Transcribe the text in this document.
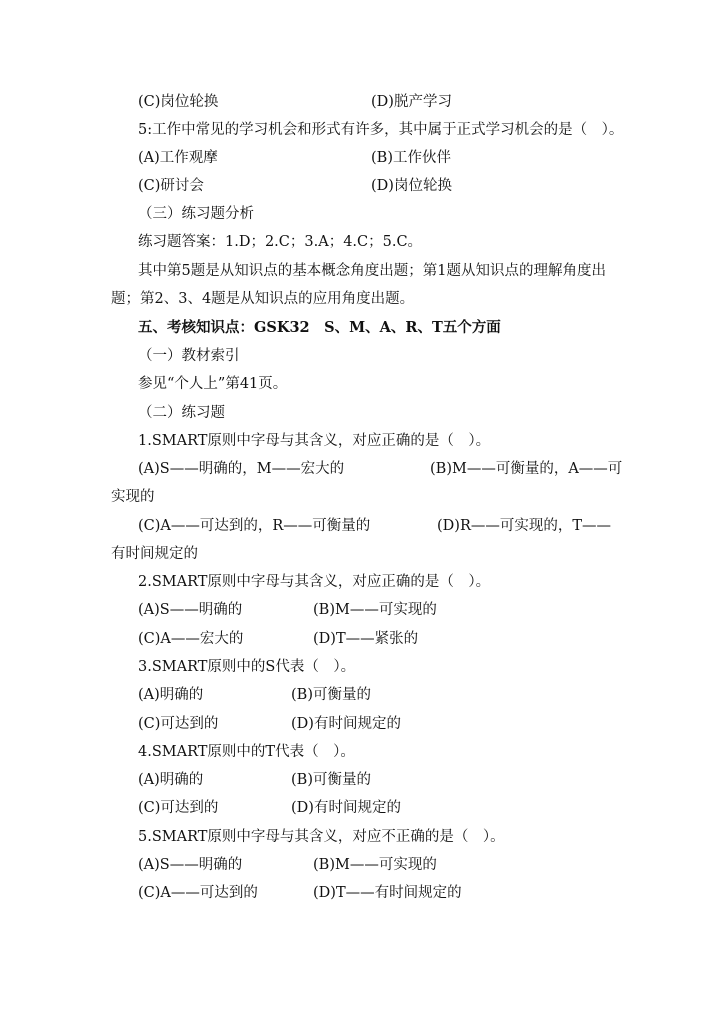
(C)岗位轮换	(D)脱产学习
5:工作中常见的学习机会和形式有许多，其中属于正式学习机会的是（　）。
(A)工作观摩	(B)工作伙伴
(C)研讨会	(D)岗位轮换
（三）练习题分析
练习题答案：1.D；2.C；3.A；4.C；5.C。
其中第5题是从知识点的基本概念角度出题；第1题从知识点的理解角度出
题；第2、3、4题是从知识点的应用角度出题。
五、考核知识点：GSK32　S、M、A、R、T五个方面
（一）教材索引
参见“个人上”第41页。
（二）练习题
1.SMART原则中字母与其含义，对应正确的是（　）。
(A)S——明确的，M——宏大的	(B)M——可衡量的，A——可
实现的
(C)A——可达到的，R——可衡量的	(D)R——可实现的，T——
有时间规定的
2.SMART原则中字母与其含义，对应正确的是（　）。
(A)S——明确的	(B)M——可实现的
(C)A——宏大的	(D)T——紧张的
3.SMART原则中的S代表（　）。
(A)明确的	(B)可衡量的
(C)可达到的	(D)有时间规定的
4.SMART原则中的T代表（　）。
(A)明确的	(B)可衡量的
(C)可达到的	(D)有时间规定的
5.SMART原则中字母与其含义，对应不正确的是（　）。
(A)S——明确的	(B)M——可实现的
(C)A——可达到的	(D)T——有时间规定的
